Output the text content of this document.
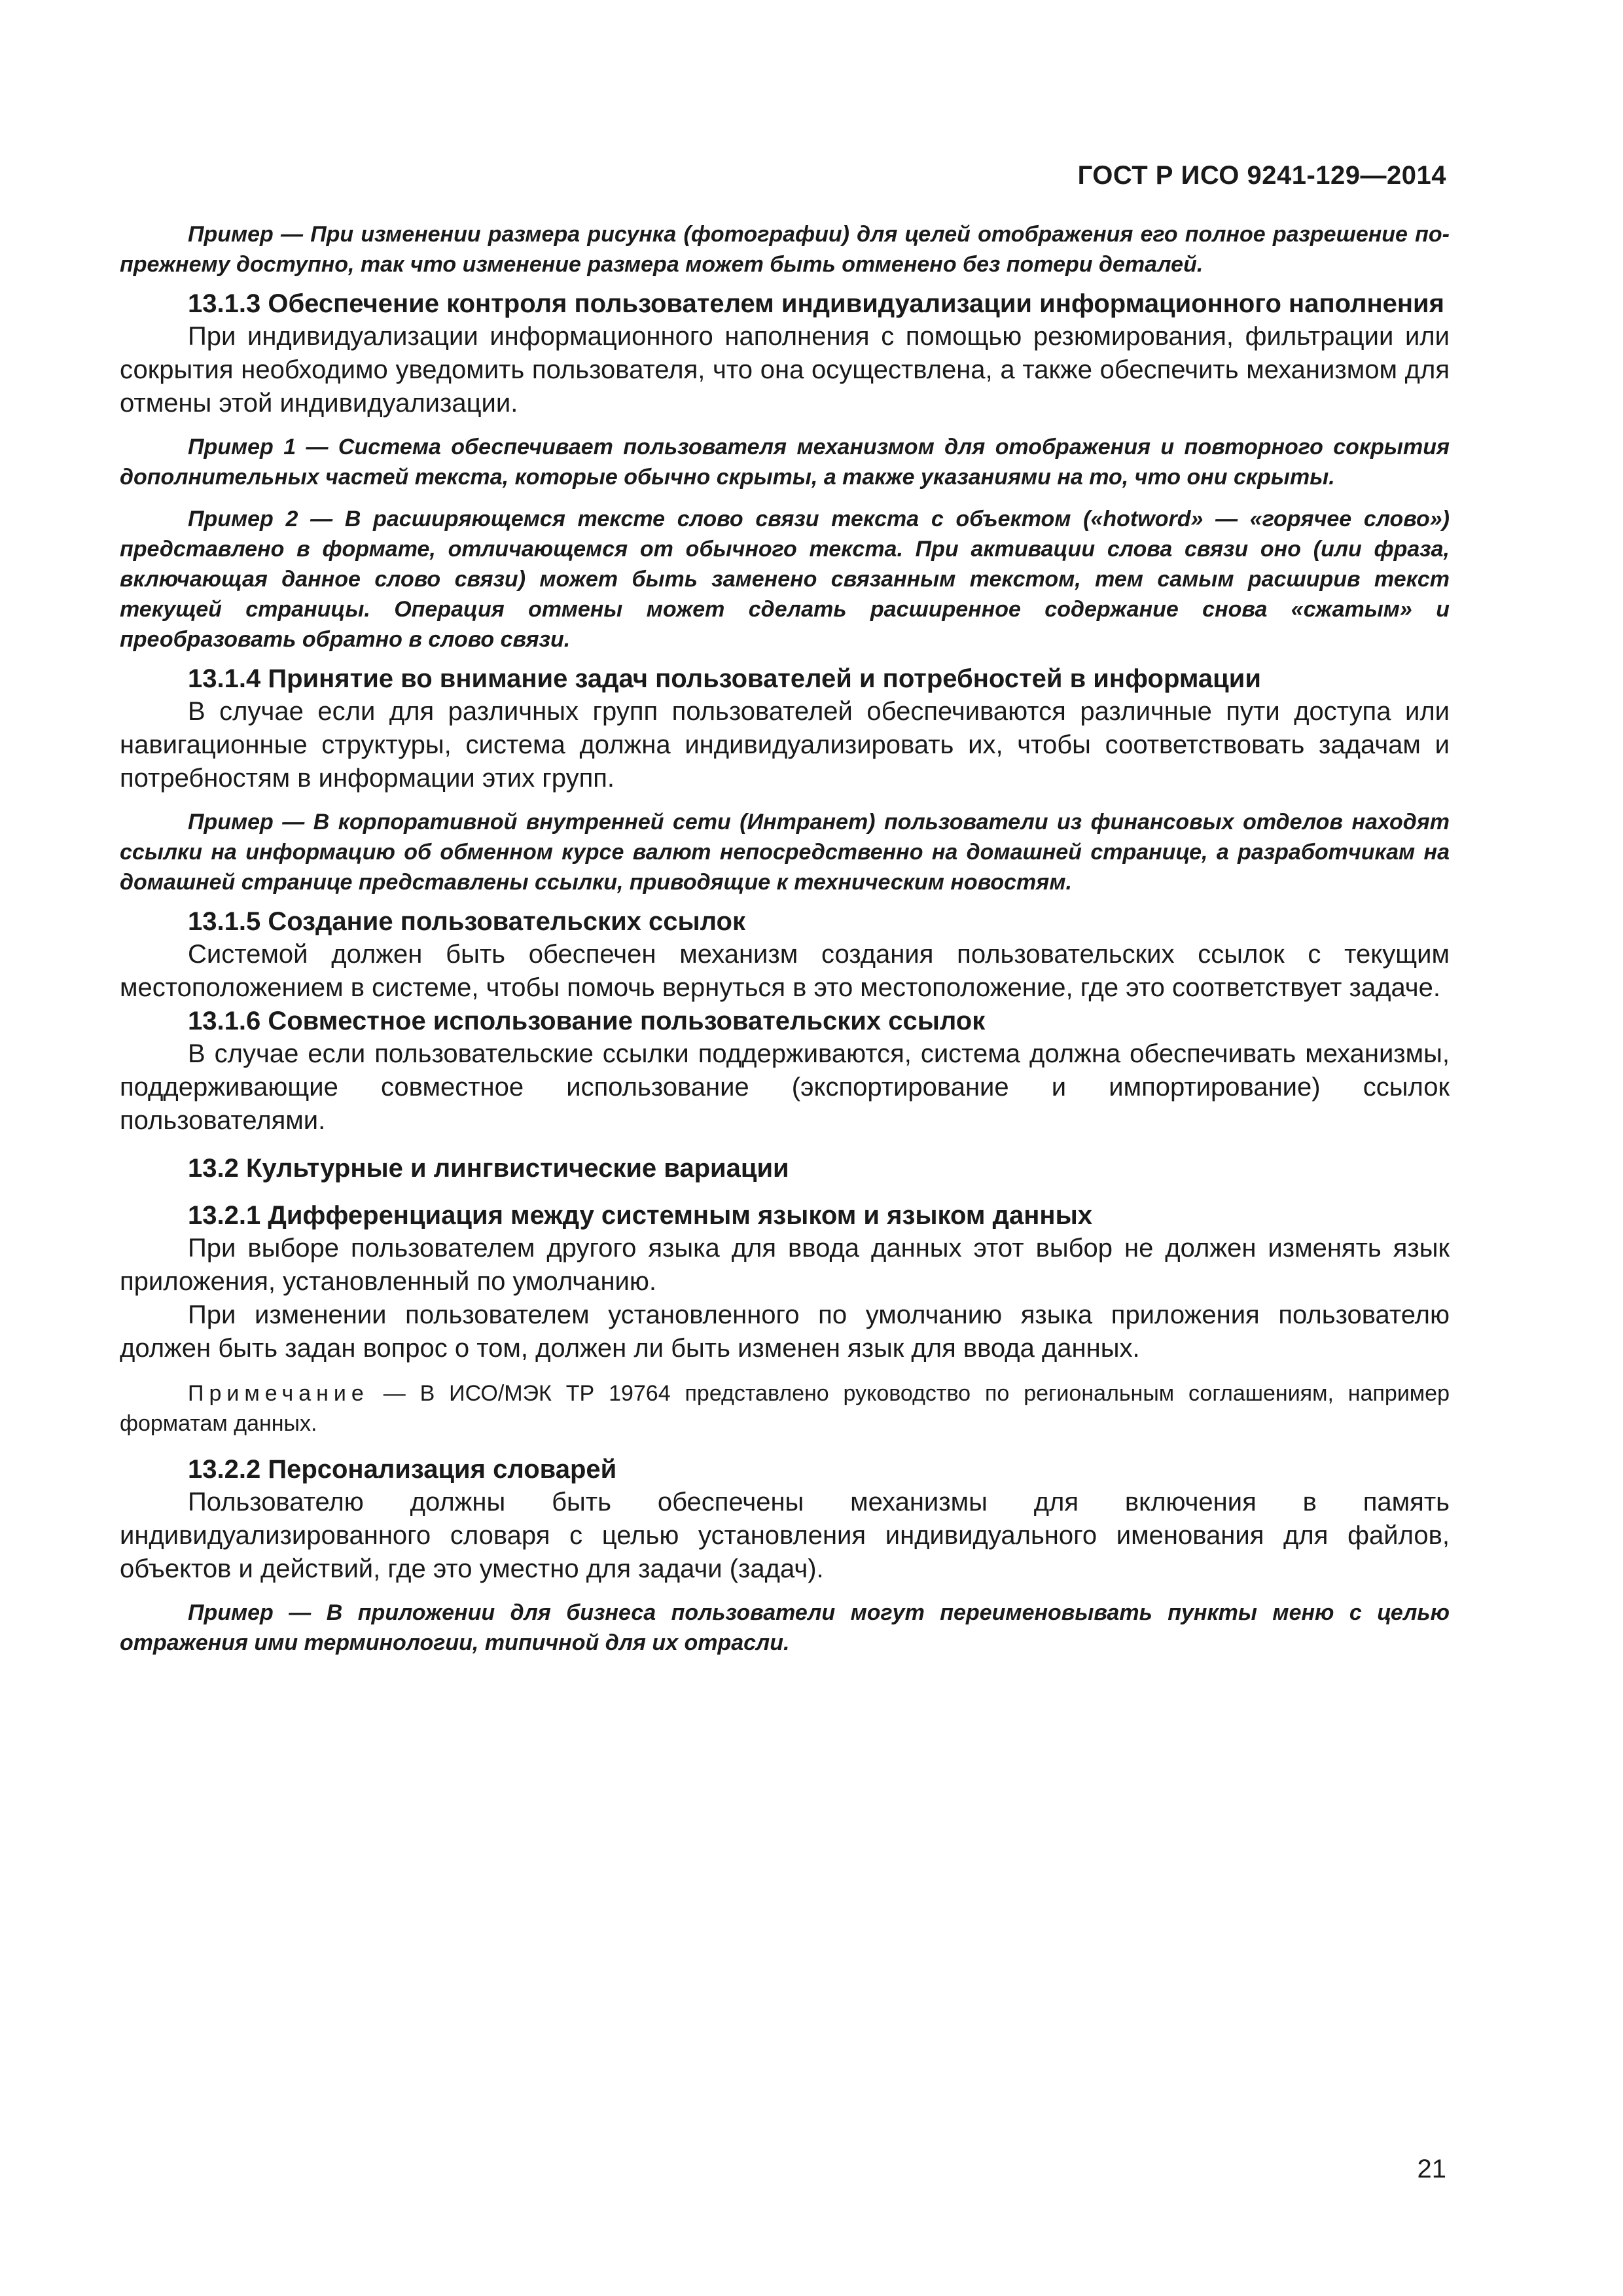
ГОСТ Р ИСО 9241-129—2014

Пример — При изменении размера рисунка (фотографии) для целей отображения его полное разрешение по-прежнему доступно, так что изменение размера может быть отменено без потери деталей.

13.1.3 Обеспечение контроля пользователем индивидуализации информационного наполнения

При индивидуализации информационного наполнения с помощью резюмирования, фильтрации или сокрытия необходимо уведомить пользователя, что она осуществлена, а также обеспечить механизмом для отмены этой индивидуализации.

Пример 1 — Система обеспечивает пользователя механизмом для отображения и повторного сокрытия дополнительных частей текста, которые обычно скрыты, а также указаниями на то, что они скрыты.

Пример 2 — В расширяющемся тексте слово связи текста с объектом («hotword» — «горячее слово») представлено в формате, отличающемся от обычного текста. При активации слова связи оно (или фраза, включающая данное слово связи) может быть заменено связанным текстом, тем самым расширив текст текущей страницы. Операция отмены может сделать расширенное содержание снова «сжатым» и преобразовать обратно в слово связи.

13.1.4 Принятие во внимание задач пользователей и потребностей в информации

В случае если для различных групп пользователей обеспечиваются различные пути доступа или навигационные структуры, система должна индивидуализировать их, чтобы соответствовать задачам и потребностям в информации этих групп.

Пример — В корпоративной внутренней сети (Интранет) пользователи из финансовых отделов находят ссылки на информацию об обменном курсе валют непосредственно на домашней странице, а разработчикам на домашней странице представлены ссылки, приводящие к техническим новостям.

13.1.5 Создание пользовательских ссылок

Системой должен быть обеспечен механизм создания пользовательских ссылок с текущим местоположением в системе, чтобы помочь вернуться в это местоположение, где это соответствует задаче.

13.1.6 Совместное использование пользовательских ссылок

В случае если пользовательские ссылки поддерживаются, система должна обеспечивать механизмы, поддерживающие совместное использование (экспортирование и импортирование) ссылок пользователями.

13.2 Культурные и лингвистические вариации

13.2.1 Дифференциация между системным языком и языком данных

При выборе пользователем другого языка для ввода данных этот выбор не должен изменять язык приложения, установленный по умолчанию.

При изменении пользователем установленного по умолчанию языка приложения пользователю должен быть задан вопрос о том, должен ли быть изменен язык для ввода данных.

Примечание — В ИСО/МЭК ТР 19764 представлено руководство по региональным соглашениям, например форматам данных.

13.2.2 Персонализация словарей

Пользователю должны быть обеспечены механизмы для включения в память индивидуализированного словаря с целью установления индивидуального именования для файлов, объектов и действий, где это уместно для задачи (задач).

Пример — В приложении для бизнеса пользователи могут переименовывать пункты меню с целью отражения ими терминологии, типичной для их отрасли.

21
